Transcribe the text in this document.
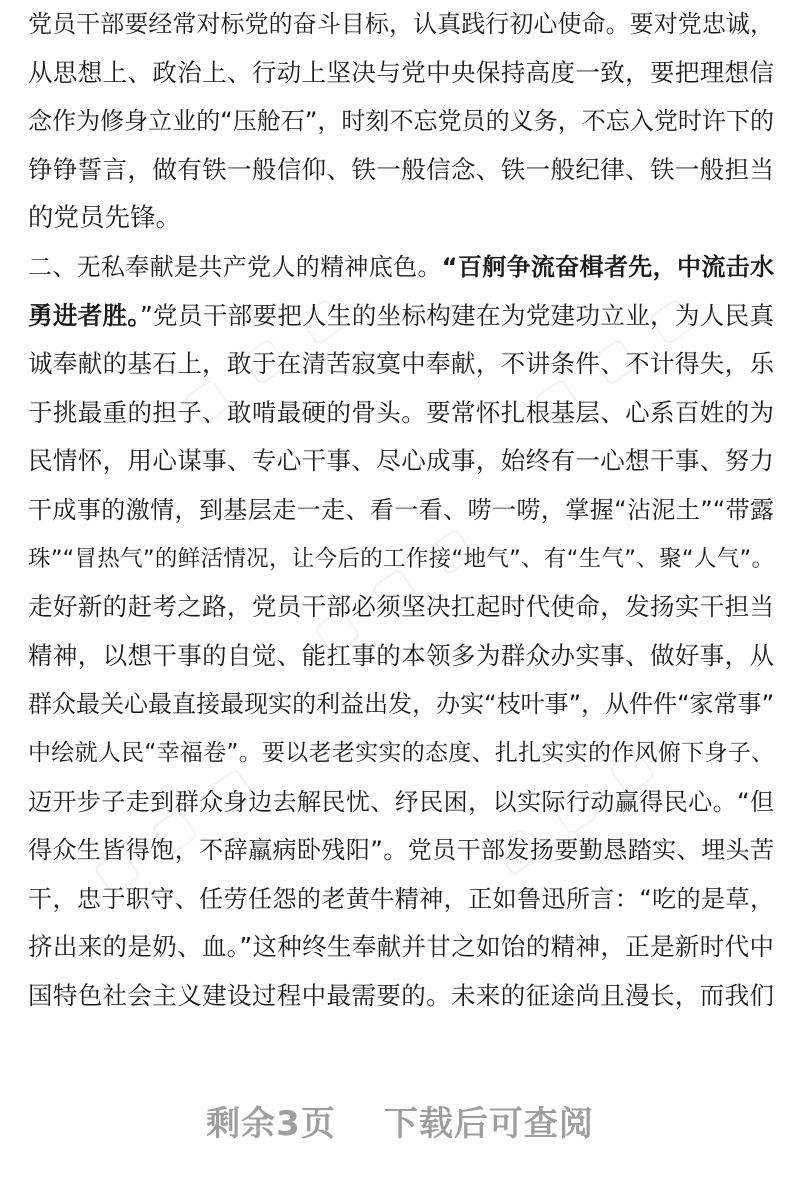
党员干部要经常对标党的奋斗目标，认真践行初心使命。要对党忠诚，
从思想上、政治上、行动上坚决与党中央保持高度一致，要把理想信
念作为修身立业的“压舱石”，时刻不忘党员的义务，不忘入党时许下的
铮铮誓言，做有铁一般信仰、铁一般信念、铁一般纪律、铁一般担当
的党员先锋。
二、无私奉献是共产党人的精神底色。“百舸争流奋楫者先，中流击水
勇进者胜。”党员干部要把人生的坐标构建在为党建功立业，为人民真
诚奉献的基石上，敢于在清苦寂寞中奉献，不讲条件、不计得失，乐
于挑最重的担子、敢啃最硬的骨头。要常怀扎根基层、心系百姓的为
民情怀，用心谋事、专心干事、尽心成事，始终有一心想干事、努力
干成事的激情，到基层走一走、看一看、唠一唠，掌握“沾泥土”“带露
珠”“冒热气”的鲜活情况，让今后的工作接“地气”、有“生气”、聚“人气”。
走好新的赶考之路，党员干部必须坚决扛起时代使命，发扬实干担当
精神，以想干事的自觉、能扛事的本领多为群众办实事、做好事，从
群众最关心最直接最现实的利益出发，办实“枝叶事”，从件件“家常事”
中绘就人民“幸福卷”。要以老老实实的态度、扎扎实实的作风俯下身子、
迈开步子走到群众身边去解民忧、纾民困，以实际行动赢得民心。“但
得众生皆得饱，不辞羸病卧残阳”。党员干部发扬要勤恳踏实、埋头苦
干，忠于职守、任劳任怨的老黄牛精神，正如鲁迅所言：“吃的是草，
挤出来的是奶、血。”这种终生奉献并甘之如饴的精神，正是新时代中
国特色社会主义建设过程中最需要的。未来的征途尚且漫长，而我们
剩余3页 下载后可查阅
